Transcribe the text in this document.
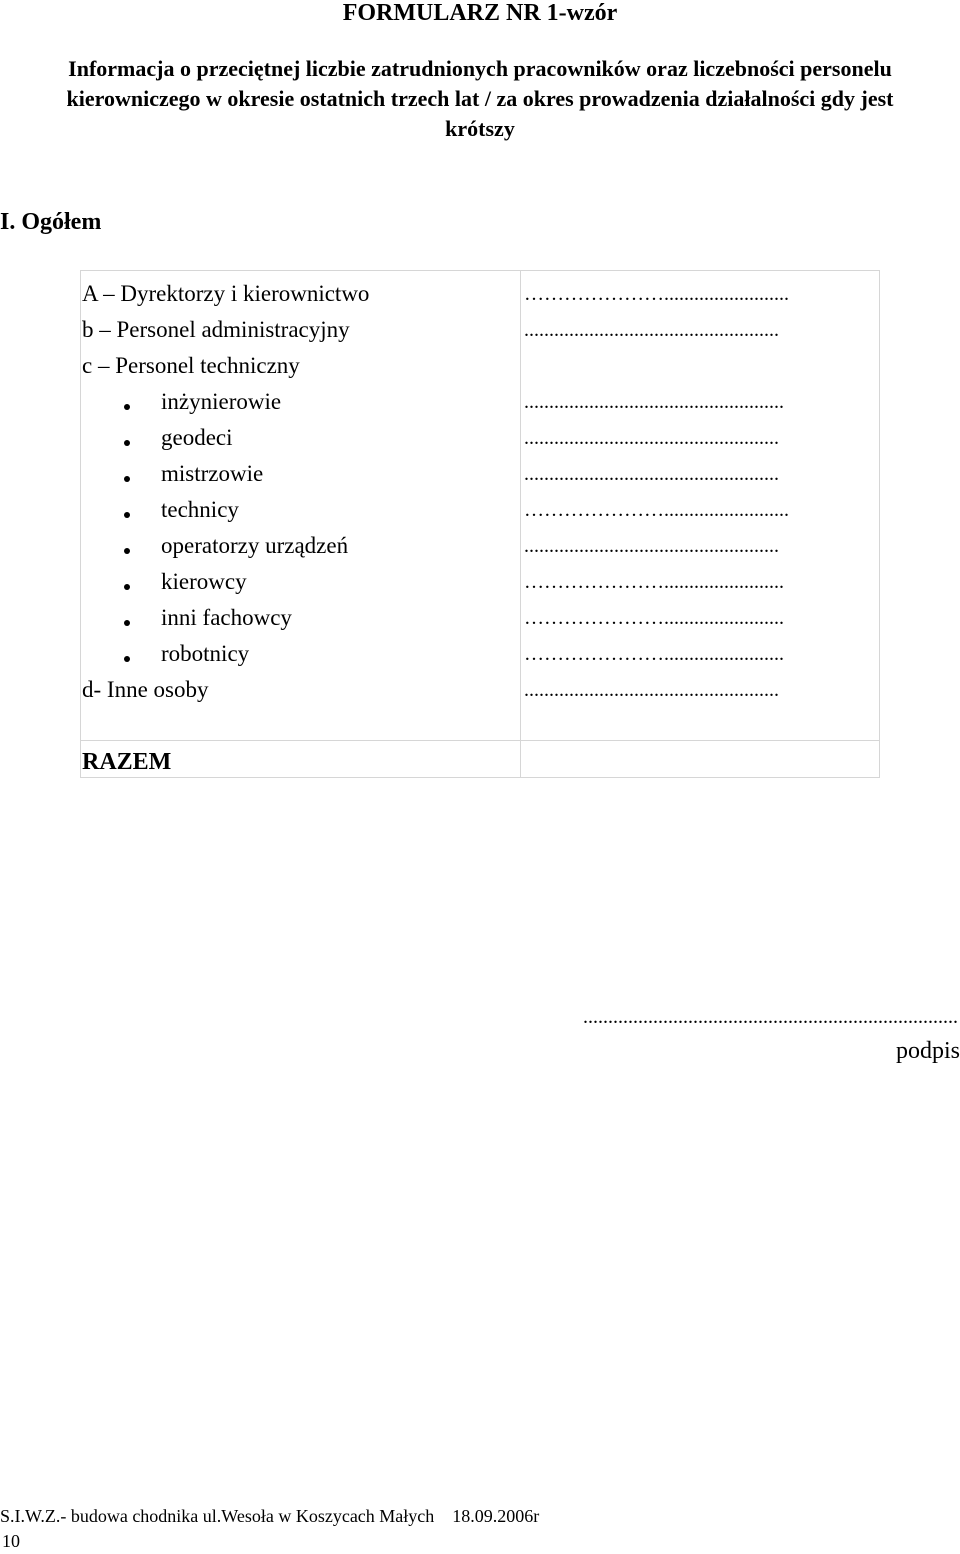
FORMULARZ NR 1-wzór
Informacja o przeciętnej liczbie zatrudnionych pracowników oraz liczebności personelu
kierowniczego w okresie ostatnich trzech lat / za okres prowadzenia działalności gdy jest
krótszy
I. Ogółem
A – Dyrektorzy i kierownictwo	………………….........................
b – Personel administracyjny	...................................................
c – Personel techniczny
inżynierowie	....................................................
geodeci	...................................................
mistrzowie	...................................................
technicy	………………….........................
operatorzy urządzeń	...................................................
kierowcy	…………………........................
inni fachowcy	…………………........................
robotnicy	…………………........................
d- Inne osoby	...................................................
RAZEM
...........................................................................
podpis
S.I.W.Z.- budowa chodnika ul.Wesoła w Koszycach Małych 18.09.2006r
10
